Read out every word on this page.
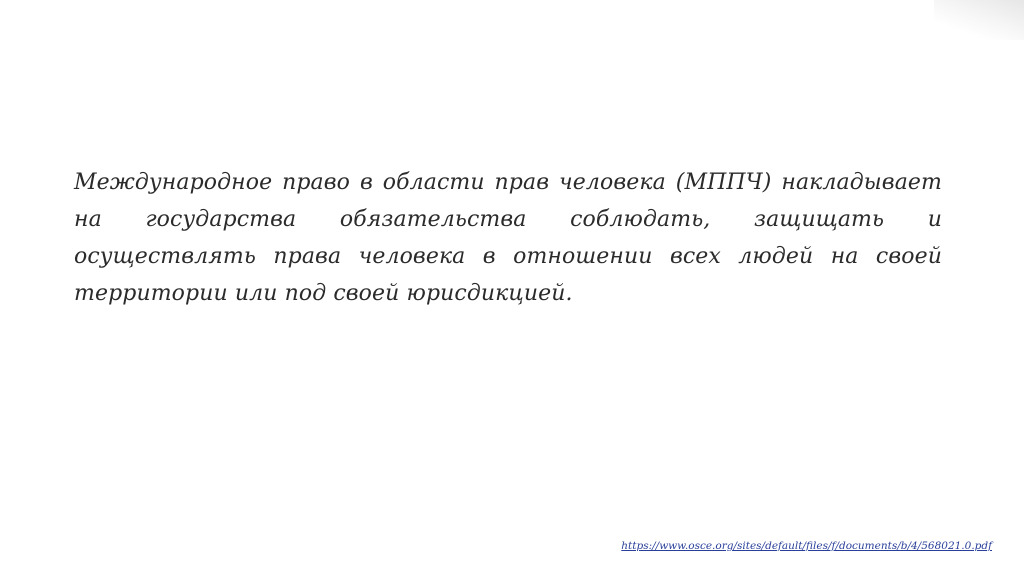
Международное право в области прав человека (МППЧ) накладывает на государства обязательства соблюдать, защищать и осуществлять права человека в отношении всех людей на своей территории или под своей юрисдикцией.

https://www.osce.org/sites/default/files/f/documents/b/4/568021.0.pdf
